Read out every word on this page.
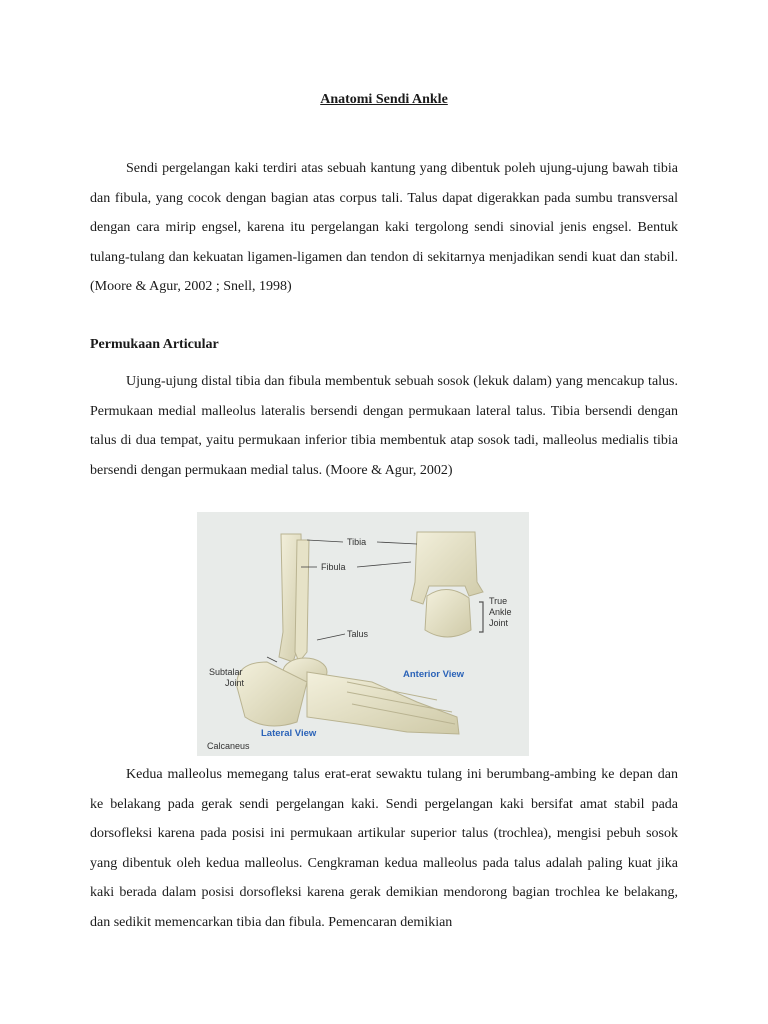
Anatomi Sendi Ankle

Sendi pergelangan kaki terdiri atas sebuah kantung yang dibentuk poleh ujung-ujung bawah tibia dan fibula, yang cocok dengan bagian atas corpus tali. Talus dapat digerakkan pada sumbu transversal dengan cara mirip engsel, karena itu pergelangan kaki tergolong sendi sinovial jenis engsel. Bentuk tulang-tulang dan kekuatan ligamen-ligamen dan tendon di sekitarnya menjadikan sendi kuat dan stabil. (Moore & Agur, 2002 ; Snell, 1998)

Permukaan Articular

Ujung-ujung distal tibia dan fibula membentuk sebuah sosok (lekuk dalam) yang mencakup talus. Permukaan medial malleolus lateralis bersendi dengan permukaan lateral talus. Tibia bersendi dengan talus di dua tempat, yaitu permukaan inferior tibia membentuk atap sosok tadi, malleolus medialis tibia bersendi dengan permukaan medial talus. (Moore & Agur, 2002)

Tibia
Fibula
Talus
Subtalar
Joint
Calcaneus
True
Ankle
Joint
Anterior View
Lateral View

Kedua malleolus memegang talus erat-erat sewaktu tulang ini berumbang-ambing ke depan dan ke belakang pada gerak sendi pergelangan kaki. Sendi pergelangan kaki bersifat amat stabil pada dorsofleksi karena pada posisi ini permukaan artikular superior talus (trochlea), mengisi pebuh sosok yang dibentuk oleh kedua malleolus. Cengkraman kedua malleolus pada talus adalah paling kuat jika kaki berada dalam posisi dorsofleksi karena gerak demikian mendorong bagian trochlea ke belakang, dan sedikit memencarkan tibia dan fibula. Pemencaran demikian
